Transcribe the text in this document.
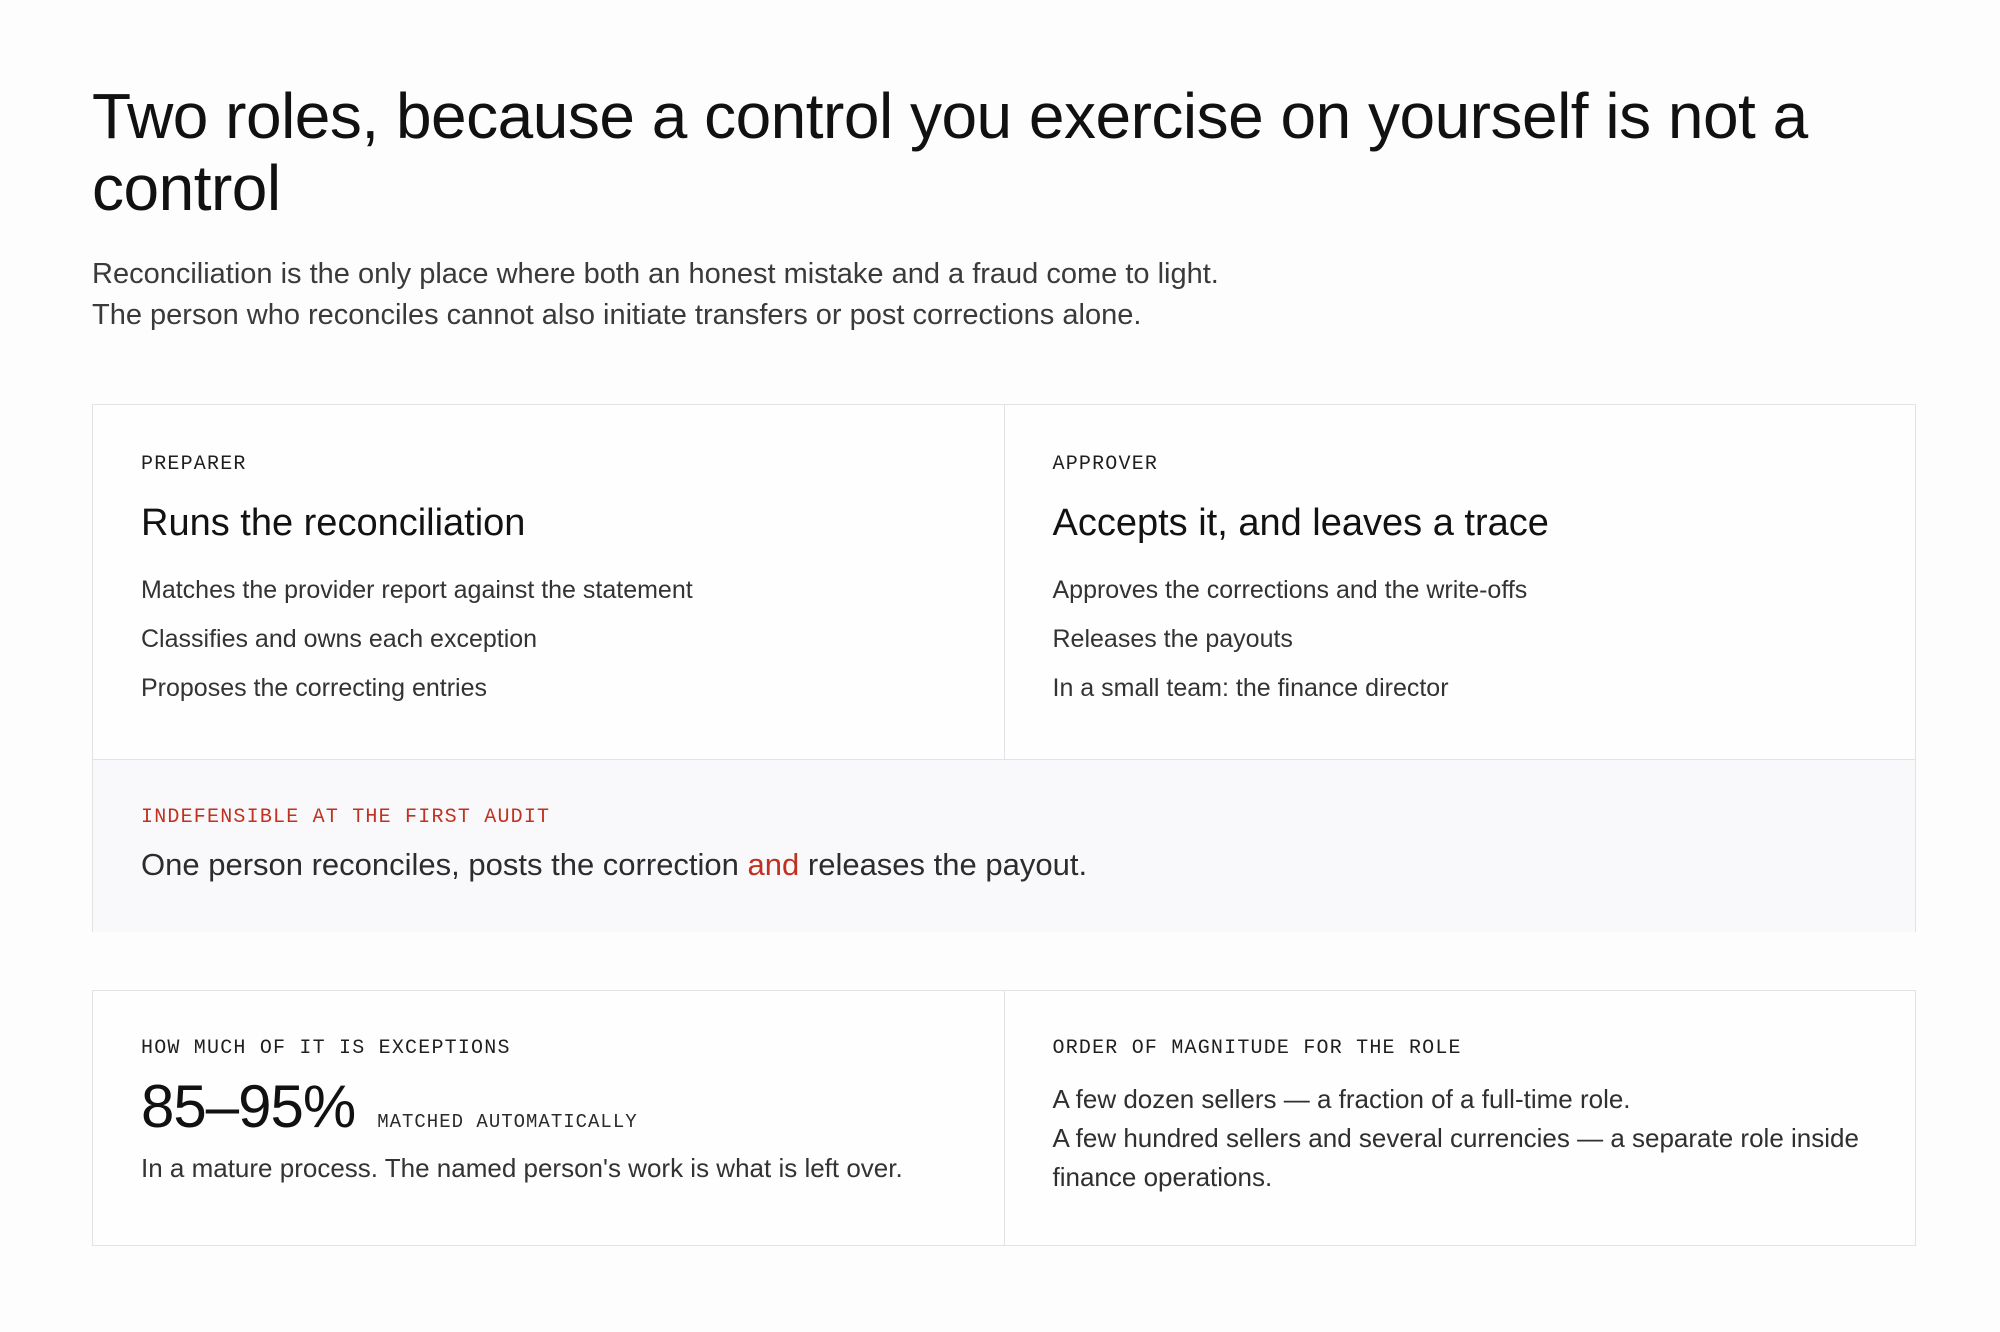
Two roles, because a control you exercise on yourself is not a control
Reconciliation is the only place where both an honest mistake and a fraud come to light.
The person who reconciles cannot also initiate transfers or post corrections alone.
PREPARER
Runs the reconciliation
Matches the provider report against the statement
Classifies and owns each exception
Proposes the correcting entries
APPROVER
Accepts it, and leaves a trace
Approves the corrections and the write-offs
Releases the payouts
In a small team: the finance director
INDEFENSIBLE AT THE FIRST AUDIT
One person reconciles, posts the correction and releases the payout.
HOW MUCH OF IT IS EXCEPTIONS
85–95% MATCHED AUTOMATICALLY
In a mature process. The named person's work is what is left over.
ORDER OF MAGNITUDE FOR THE ROLE
A few dozen sellers — a fraction of a full-time role.
A few hundred sellers and several currencies — a separate role inside finance operations.
